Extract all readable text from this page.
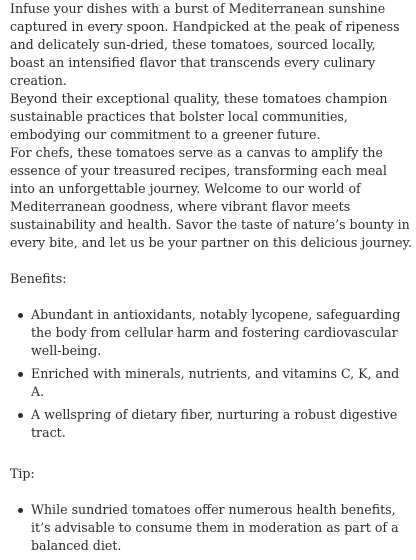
Infuse your dishes with a burst of Mediterranean sunshine captured in every spoon. Handpicked at the peak of ripeness and delicately sun-dried, these tomatoes, sourced locally, boast an intensified flavor that transcends every culinary creation.

Beyond their exceptional quality, these tomatoes champion sustainable practices that bolster local communities, embodying our commitment to a greener future.

For chefs, these tomatoes serve as a canvas to amplify the essence of your treasured recipes, transforming each meal into an unforgettable journey. Welcome to our world of Mediterranean goodness, where vibrant flavor meets sustainability and health. Savor the taste of nature’s bounty in every bite, and let us be your partner on this delicious journey.

Benefits:

Abundant in antioxidants, notably lycopene, safeguarding the body from cellular harm and fostering cardiovascular well-being.
Enriched with minerals, nutrients, and vitamins C, K, and A.
A wellspring of dietary fiber, nurturing a robust digestive tract.

Tip:

While sundried tomatoes offer numerous health benefits, it’s advisable to consume them in moderation as part of a balanced diet.
